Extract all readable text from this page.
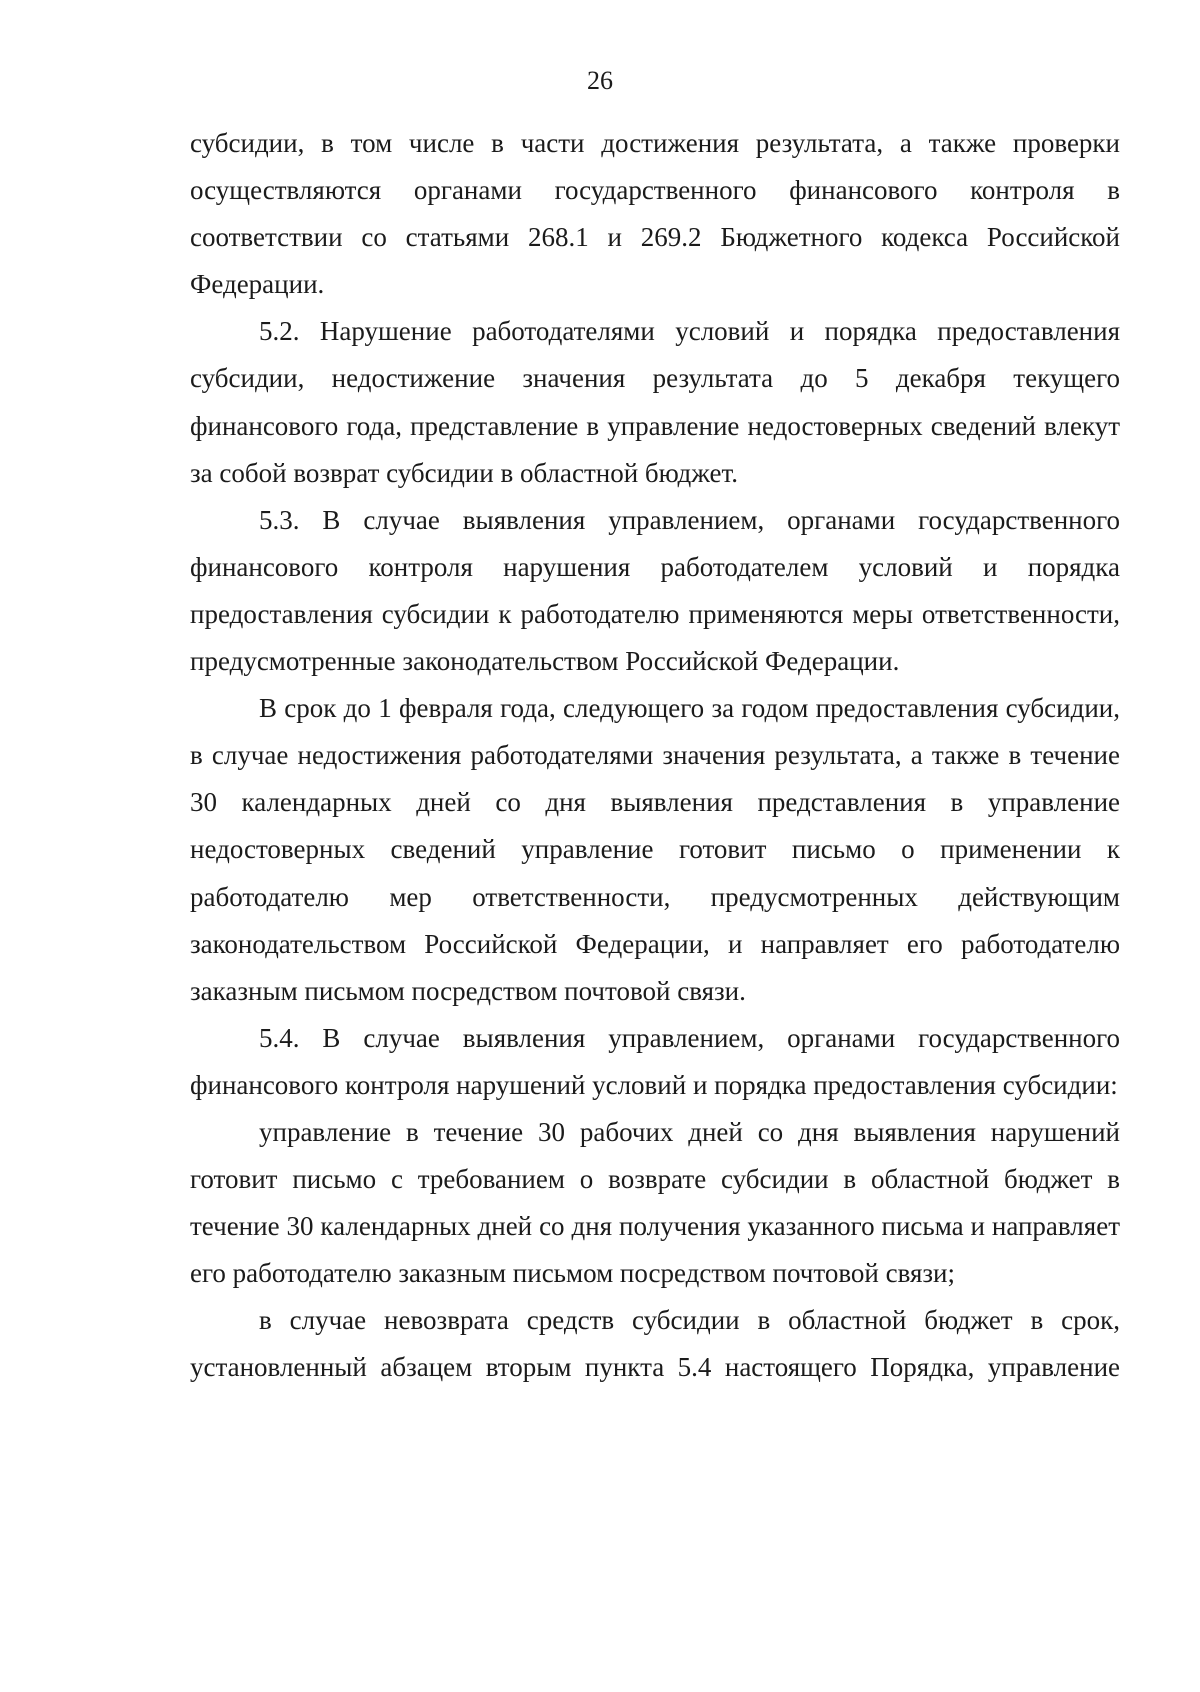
26

субсидии, в том числе в части достижения результата, а также проверки осуществляются органами государственного финансового контроля в соответствии со статьями 268.1 и 269.2 Бюджетного кодекса Российской Федерации.

5.2. Нарушение работодателями условий и порядка предоставления субсидии, недостижение значения результата до 5 декабря текущего финансового года, представление в управление недостоверных сведений влекут за собой возврат субсидии в областной бюджет.

5.3. В случае выявления управлением, органами государственного финансового контроля нарушения работодателем условий и порядка предоставления субсидии к работодателю применяются меры ответственности, предусмотренные законодательством Российской Федерации.

В срок до 1 февраля года, следующего за годом предоставления субсидии, в случае недостижения работодателями значения результата, а также в течение 30 календарных дней со дня выявления представления в управление недостоверных сведений управление готовит письмо о применении к работодателю мер ответственности, предусмотренных действующим законодательством Российской Федерации, и направляет его работодателю заказным письмом посредством почтовой связи.

5.4. В случае выявления управлением, органами государственного финансового контроля нарушений условий и порядка предоставления субсидии:

управление в течение 30 рабочих дней со дня выявления нарушений готовит письмо с требованием о возврате субсидии в областной бюджет в течение 30 календарных дней со дня получения указанного письма и направляет его работодателю заказным письмом посредством почтовой связи;

в случае невозврата средств субсидии в областной бюджет в срок, установленный абзацем вторым пункта 5.4 настоящего Порядка, управление
